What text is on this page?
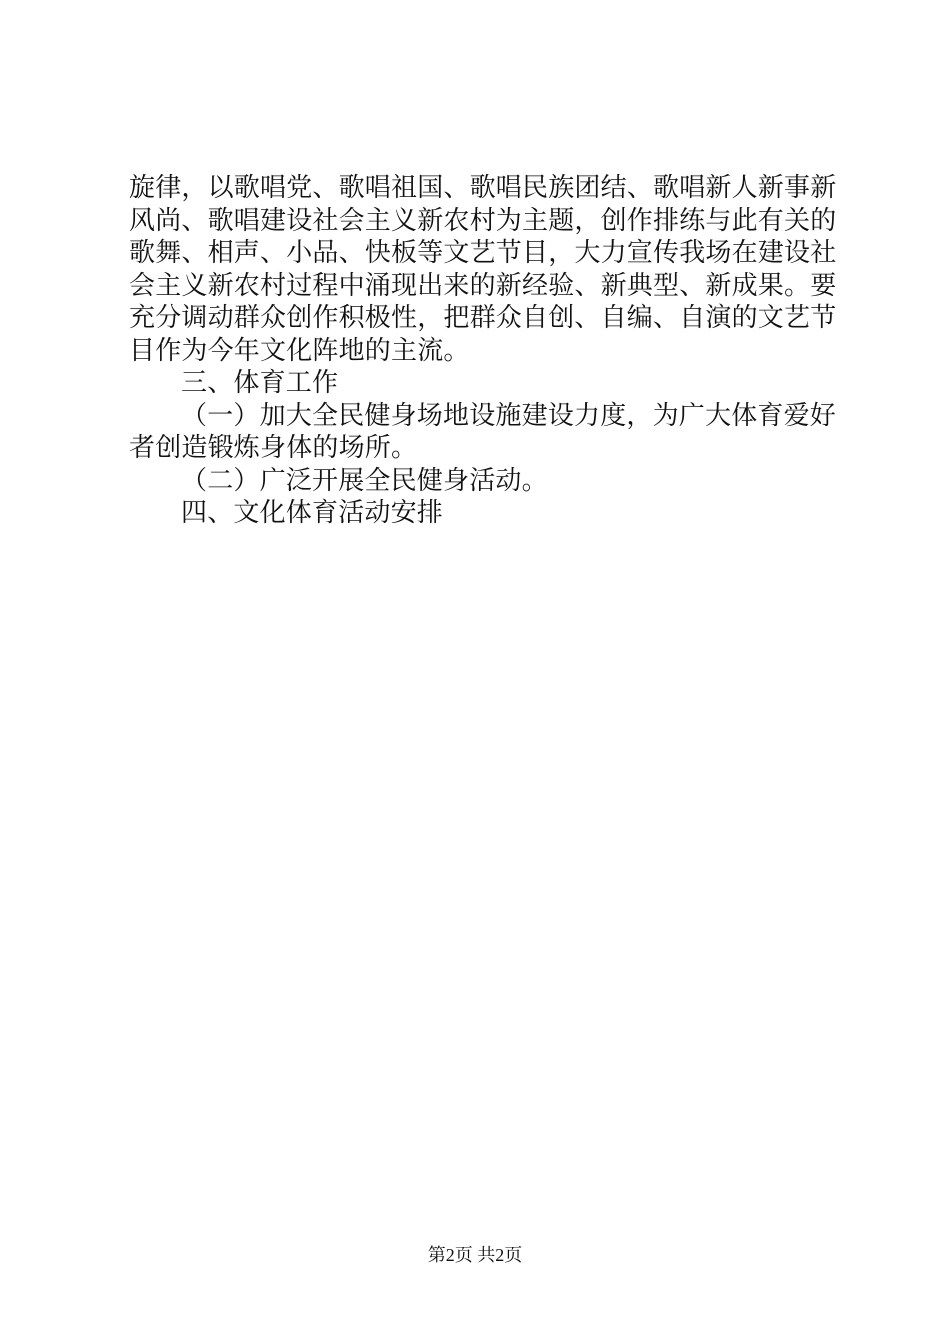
旋律，以歌唱党、歌唱祖国、歌唱民族团结、歌唱新人新事新
风尚、歌唱建设社会主义新农村为主题，创作排练与此有关的
歌舞、相声、小品、快板等文艺节目，大力宣传我场在建设社
会主义新农村过程中涌现出来的新经验、新典型、新成果。要
充分调动群众创作积极性，把群众自创、自编、自演的文艺节
目作为今年文化阵地的主流。
三、体育工作
（一）加大全民健身场地设施建设力度，为广大体育爱好
者创造锻炼身体的场所。
（二）广泛开展全民健身活动。
四、文化体育活动安排
第2页 共2页
